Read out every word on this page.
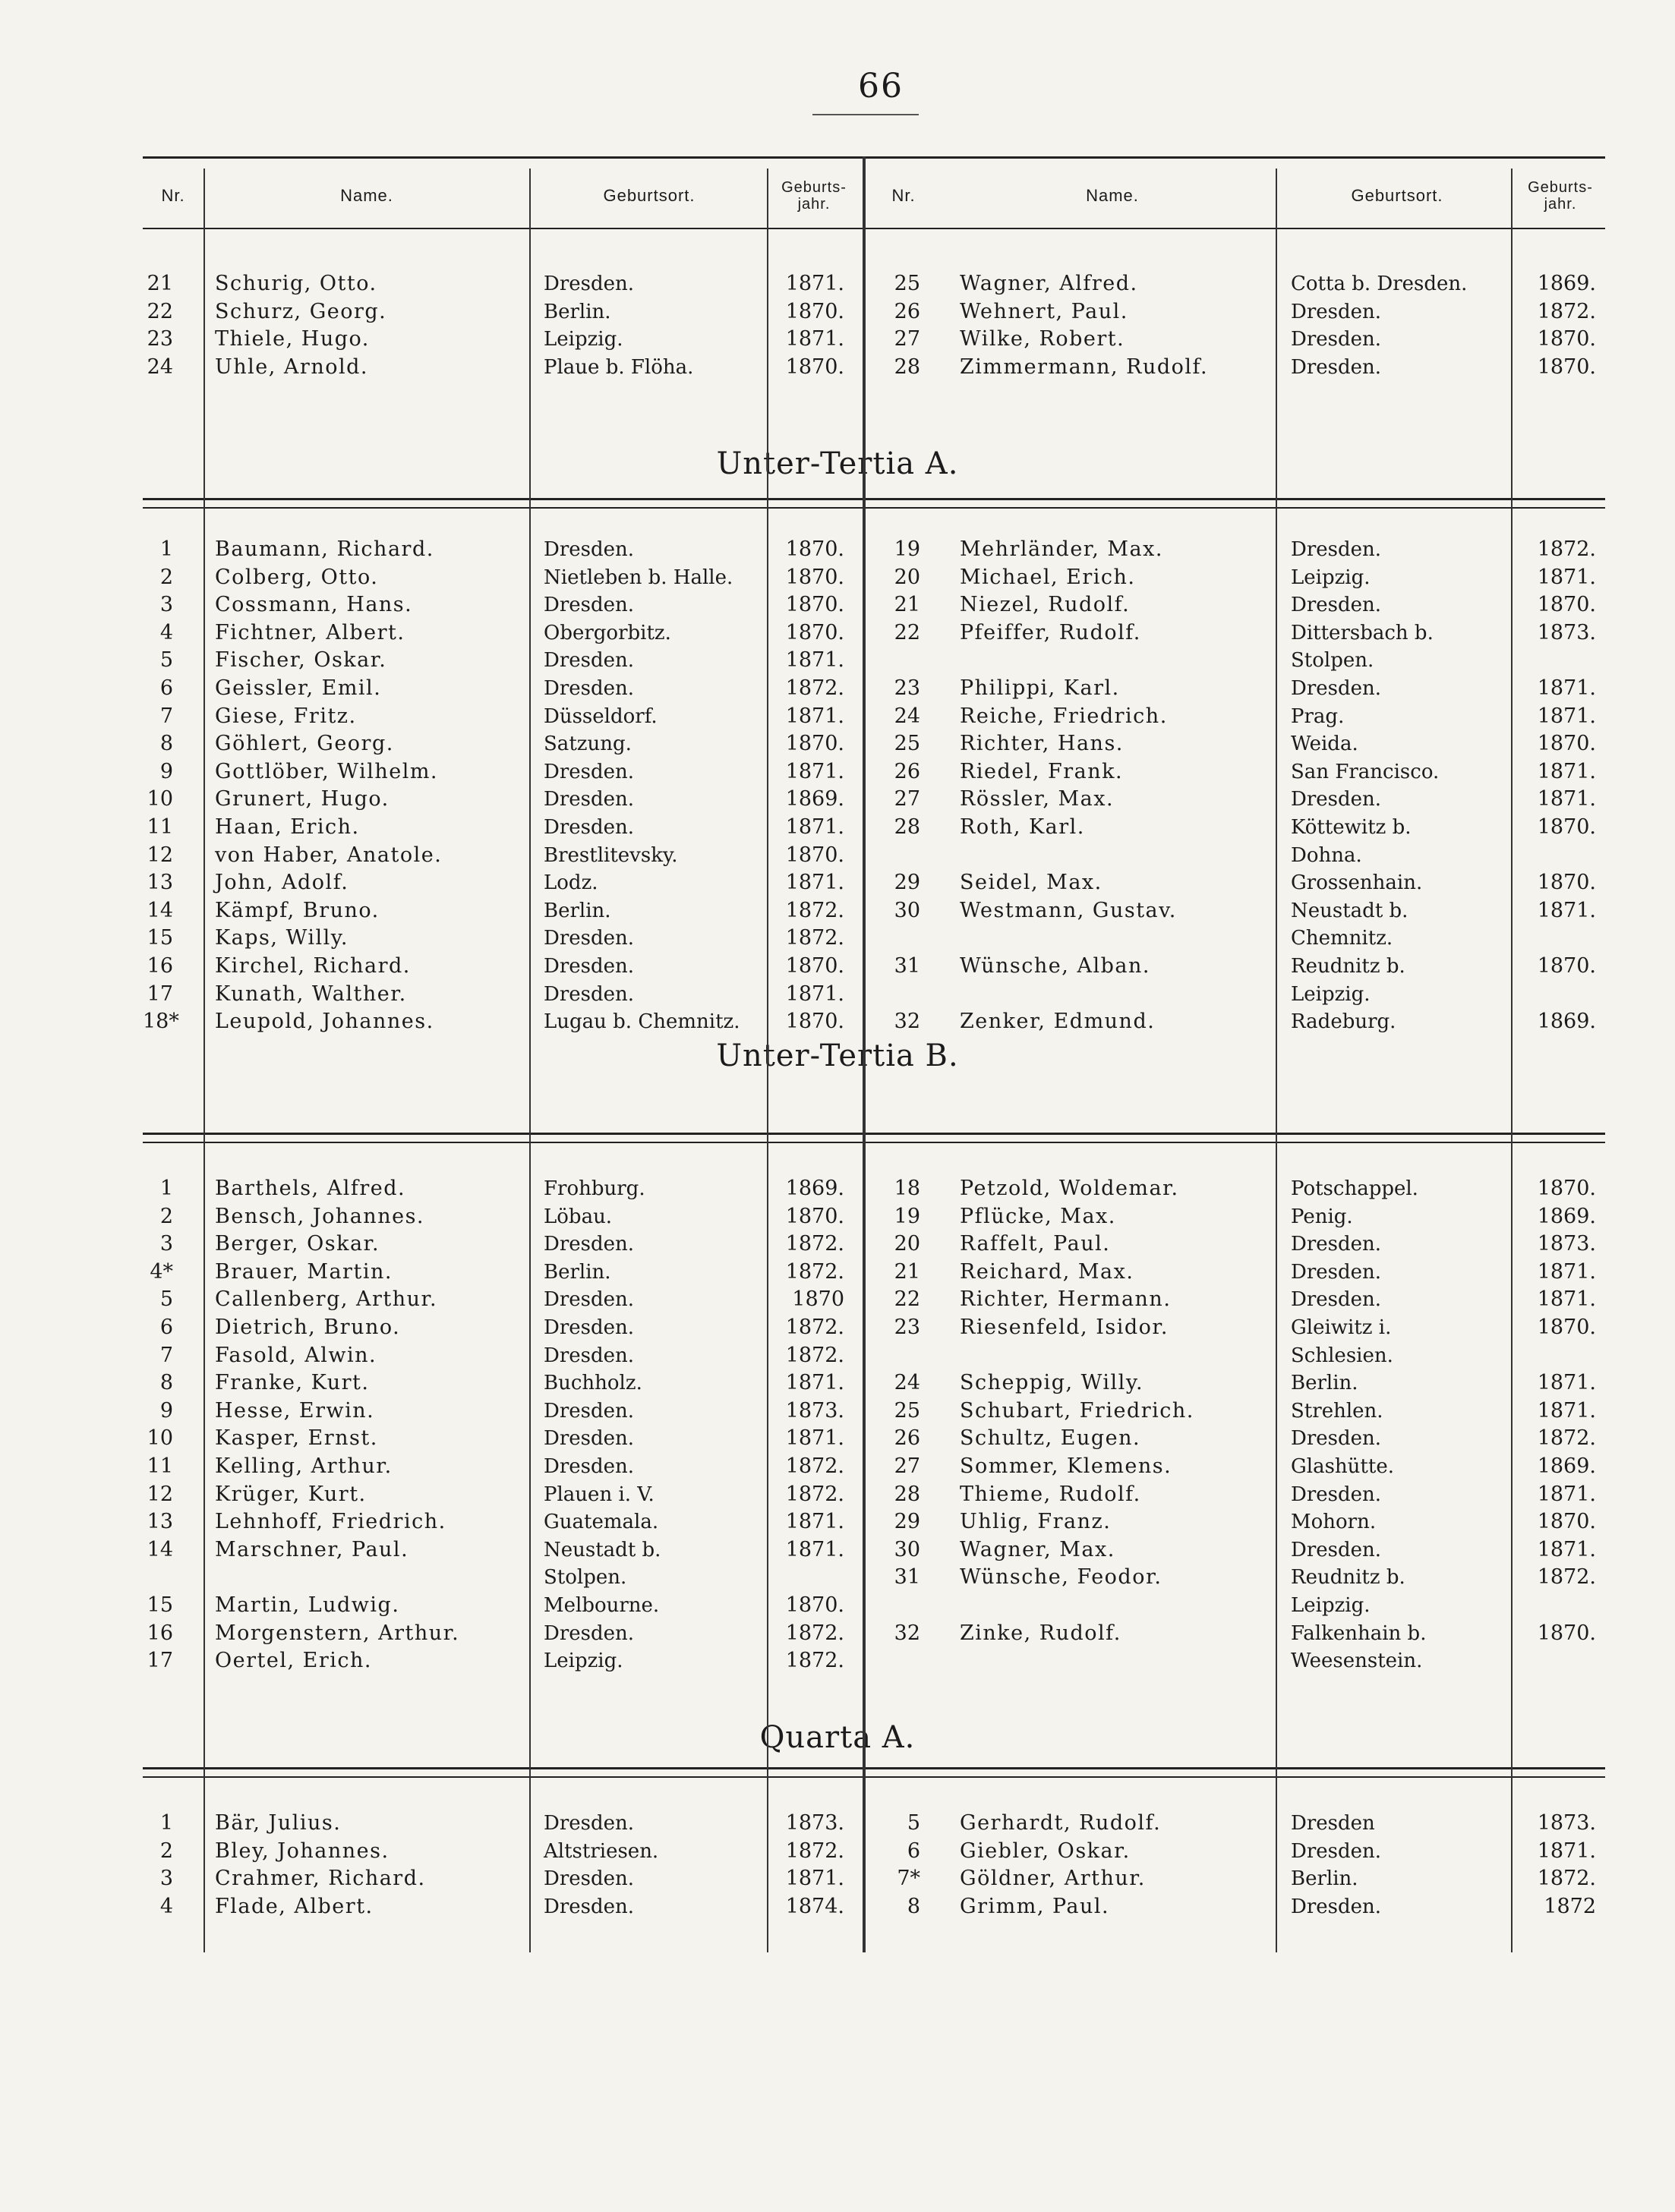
66
Nr.	Name.	Geburtsort.	Geburts-jahr.	Nr.	Name.	Geburtsort.	Geburts-jahr.
Unter-Tertia A.
Unter-Tertia B.
Quarta A.
21 Schurig, Otto.	Dresden.	1871.
22 Schurz, Georg.	Berlin.	1870.
23 Thiele, Hugo.	Leipzig.	1871.
24 Uhle, Arnold.	Plaue b. Flöha.	1870.
25 Wagner, Alfred.	Cotta b. Dresden.	1869.
26 Wehnert, Paul.	Dresden.	1872.
27 Wilke, Robert.	Dresden.	1870.
28 Zimmermann, Rudolf.	Dresden.	1870.
1 Baumann, Richard.	Dresden.	1870.
2 Colberg, Otto.	Nietleben b. Halle.	1870.
3 Cossmann, Hans.	Dresden.	1870.
4 Fichtner, Albert.	Obergorbitz.	1870.
5 Fischer, Oskar.	Dresden.	1871.
6 Geissler, Emil.	Dresden.	1872.
7 Giese, Fritz.	Düsseldorf.	1871.
8 Göhlert, Georg.	Satzung.	1870.
9 Gottlöber, Wilhelm.	Dresden.	1871.
10 Grunert, Hugo.	Dresden.	1869.
11 Haan, Erich.	Dresden.	1871.
12 von Haber, Anatole.	Brestlitevsky.	1870.
13 John, Adolf.	Lodz.	1871.
14 Kämpf, Bruno.	Berlin.	1872.
15 Kaps, Willy.	Dresden.	1872.
16 Kirchel, Richard.	Dresden.	1870.
17 Kunath, Walther.	Dresden.	1871.
18* Leupold, Johannes.	Lugau b. Chemnitz.	1870.
19 Mehrländer, Max.	Dresden.	1872.
20 Michael, Erich.	Leipzig.	1871.
21 Niezel, Rudolf.	Dresden.	1870.
22 Pfeiffer, Rudolf.	Dittersbach b.	1873.
Stolpen.
23 Philippi, Karl.	Dresden.	1871.
24 Reiche, Friedrich.	Prag.	1871.
25 Richter, Hans.	Weida.	1870.
26 Riedel, Frank.	San Francisco.	1871.
27 Rössler, Max.	Dresden.	1871.
28 Roth, Karl.	Köttewitz b.	1870.
Dohna.
29 Seidel, Max.	Grossenhain.	1870.
30 Westmann, Gustav.	Neustadt b.	1871.
Chemnitz.
31 Wünsche, Alban.	Reudnitz b.	1870.
Leipzig.
32 Zenker, Edmund.	Radeburg.	1869.
1 Barthels, Alfred.	Frohburg.	1869.
2 Bensch, Johannes.	Löbau.	1870.
3 Berger, Oskar.	Dresden.	1872.
4* Brauer, Martin.	Berlin.	1872.
5 Callenberg, Arthur.	Dresden.	1870
6 Dietrich, Bruno.	Dresden.	1872.
7 Fasold, Alwin.	Dresden.	1872.
8 Franke, Kurt.	Buchholz.	1871.
9 Hesse, Erwin.	Dresden.	1873.
10 Kasper, Ernst.	Dresden.	1871.
11 Kelling, Arthur.	Dresden.	1872.
12 Krüger, Kurt.	Plauen i. V.	1872.
13 Lehnhoff, Friedrich.	Guatemala.	1871.
14 Marschner, Paul.	Neustadt b.	1871.
Stolpen.
15 Martin, Ludwig.	Melbourne.	1870.
16 Morgenstern, Arthur.	Dresden.	1872.
17 Oertel, Erich.	Leipzig.	1872.
18 Petzold, Woldemar.	Potschappel.	1870.
19 Pflücke, Max.	Penig.	1869.
20 Raffelt, Paul.	Dresden.	1873.
21 Reichard, Max.	Dresden.	1871.
22 Richter, Hermann.	Dresden.	1871.
23 Riesenfeld, Isidor.	Gleiwitz i.	1870.
Schlesien.
24 Scheppig, Willy.	Berlin.	1871.
25 Schubart, Friedrich.	Strehlen.	1871.
26 Schultz, Eugen.	Dresden.	1872.
27 Sommer, Klemens.	Glashütte.	1869.
28 Thieme, Rudolf.	Dresden.	1871.
29 Uhlig, Franz.	Mohorn.	1870.
30 Wagner, Max.	Dresden.	1871.
31 Wünsche, Feodor.	Reudnitz b.	1872.
Leipzig.
32 Zinke, Rudolf.	Falkenhain b.	1870.
Weesenstein.
1 Bär, Julius.	Dresden.	1873.
2 Bley, Johannes.	Altstriesen.	1872.
3 Crahmer, Richard.	Dresden.	1871.
4 Flade, Albert.	Dresden.	1874.
5 Gerhardt, Rudolf.	Dresden	1873.
6 Giebler, Oskar.	Dresden.	1871.
7* Göldner, Arthur.	Berlin.	1872.
8 Grimm, Paul.	Dresden.	1872
